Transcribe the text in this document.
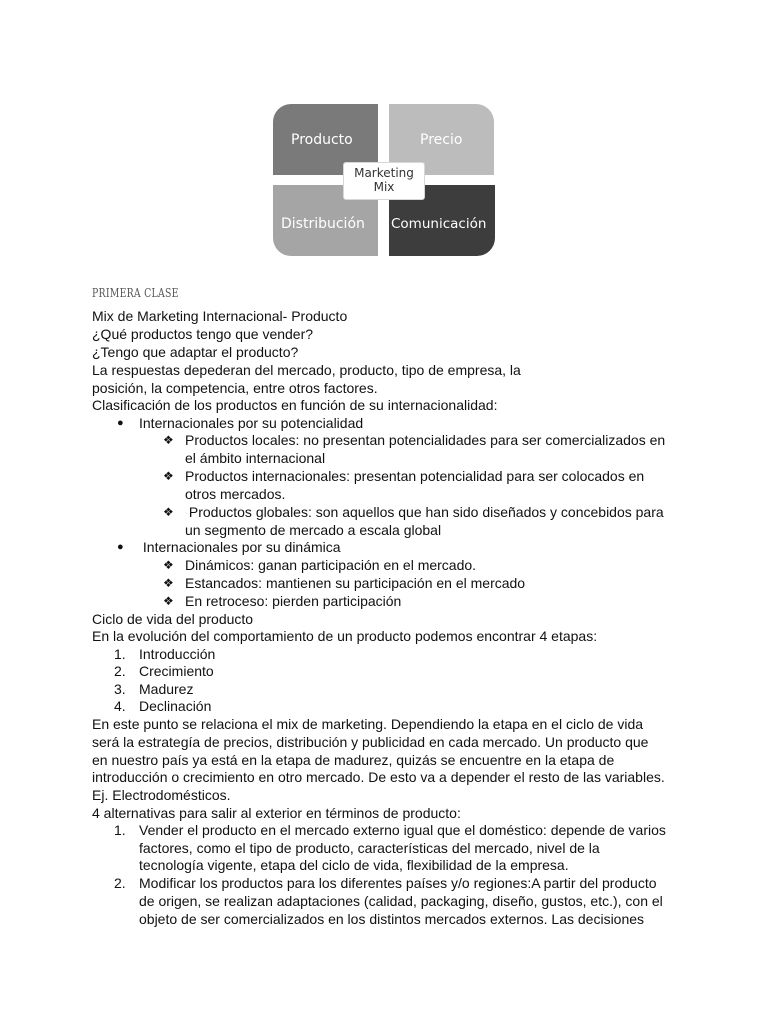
Producto	Precio
Distribución Comunicación
Marketing
Mix
PRIMERA CLASE
Mix de Marketing Internacional- Producto
¿Qué productos tengo que vender?
¿Tengo que adaptar el producto?
La respuestas depederan del mercado, producto, tipo de empresa, la
posición, la competencia, entre otros factores.
Clasificación de los productos en función de su internacionalidad:
● Internacionales por su potencialidad
❖ Productos locales: no presentan potencialidades para ser comercializados en
el ámbito internacional
❖ Productos internacionales: presentan potencialidad para ser colocados en
otros mercados.
❖ Productos globales: son aquellos que han sido diseñados y concebidos para
un segmento de mercado a escala global
● Internacionales por su dinámica
❖ Dinámicos: ganan participación en el mercado.
❖ Estancados: mantienen su participación en el mercado
❖ En retroceso: pierden participación
Ciclo de vida del producto
En la evolución del comportamiento de un producto podemos encontrar 4 etapas:
1. Introducción
2. Crecimiento
3. Madurez
4. Declinación
En este punto se relaciona el mix de marketing. Dependiendo la etapa en el ciclo de vida
será la estrategía de precios, distribución y publicidad en cada mercado. Un producto que
en nuestro país ya está en la etapa de madurez, quizás se encuentre en la etapa de
introducción o crecimiento en otro mercado. De esto va a depender el resto de las variables.
Ej. Electrodomésticos.
4 alternativas para salir al exterior en términos de producto:
1. Vender el producto en el mercado externo igual que el doméstico: depende de varios
factores, como el tipo de producto, características del mercado, nivel de la
tecnología vigente, etapa del ciclo de vida, flexibilidad de la empresa.
2. Modificar los productos para los diferentes países y/o regiones:A partir del producto
de origen, se realizan adaptaciones (calidad, packaging, diseño, gustos, etc.), con el
objeto de ser comercializados en los distintos mercados externos. Las decisiones
